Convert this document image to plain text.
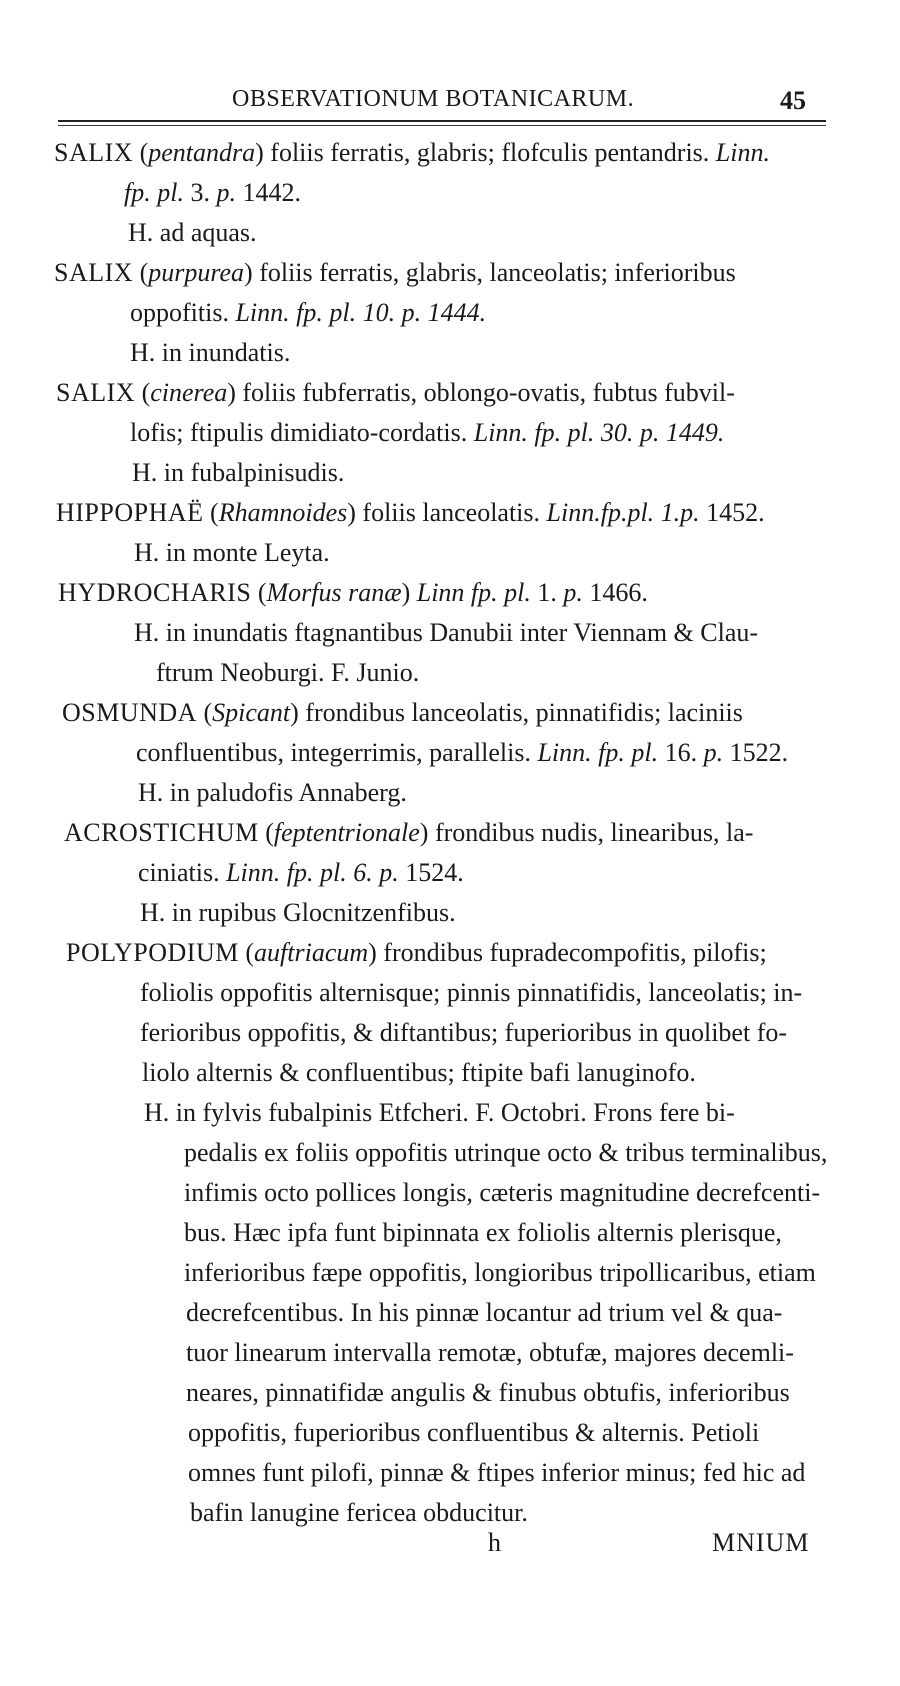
OBSERVATIONUM BOTANICARUM.	45
SALIX (pentandra) foliis ferratis, glabris; flofculis pentandris. Linn.
fp. pl. 3. p. 1442.
H. ad aquas.
SALIX (purpurea) foliis ferratis, glabris, lanceolatis; inferioribus
oppofitis. Linn. fp. pl. 10. p. 1444.
H. in inundatis.
SALIX (cinerea) foliis fubferratis, oblongo-ovatis, fubtus fubvil-
lofis; ftipulis dimidiato-cordatis. Linn. fp. pl. 30. p. 1449.
H. in fubalpinisudis.
HIPPOPHAË (Rhamnoides) foliis lanceolatis. Linn.fp.pl. 1.p. 1452.
H. in monte Leyta.
HYDROCHARIS (Morfus ranæ) Linn fp. pl. 1. p. 1466.
H. in inundatis ftagnantibus Danubii inter Viennam & Clau-
ftrum Neoburgi. F. Junio.
OSMUNDA (Spicant) frondibus lanceolatis, pinnatifidis; laciniis
confluentibus, integerrimis, parallelis. Linn. fp. pl. 16. p. 1522.
H. in paludofis Annaberg.
ACROSTICHUM (feptentrionale) frondibus nudis, linearibus, la-
ciniatis. Linn. fp. pl. 6. p. 1524.
H. in rupibus Glocnitzenfibus.
POLYPODIUM (auftriacum) frondibus fupradecompofitis, pilofis;
foliolis oppofitis alternisque; pinnis pinnatifidis, lanceolatis; in-
ferioribus oppofitis, & diftantibus; fuperioribus in quolibet fo-
liolo alternis & confluentibus; ftipite bafi lanuginofo.
H. in fylvis fubalpinis Etfcheri. F. Octobri. Frons fere bi-
pedalis ex foliis oppofitis utrinque octo & tribus terminalibus,
infimis octo pollices longis, cæteris magnitudine decrefcenti-
bus. Hæc ipfa funt bipinnata ex foliolis alternis plerisque,
inferioribus fæpe oppofitis, longioribus tripollicaribus, etiam
decrefcentibus. In his pinnæ locantur ad trium vel & qua-
tuor linearum intervalla remotæ, obtufæ, majores decemli-
neares, pinnatifidæ angulis & finubus obtufis, inferioribus
oppofitis, fuperioribus confluentibus & alternis. Petioli
omnes funt pilofi, pinnæ & ftipes inferior minus; fed hic ad
bafin lanugine fericea obducitur.
h	MNIUM
